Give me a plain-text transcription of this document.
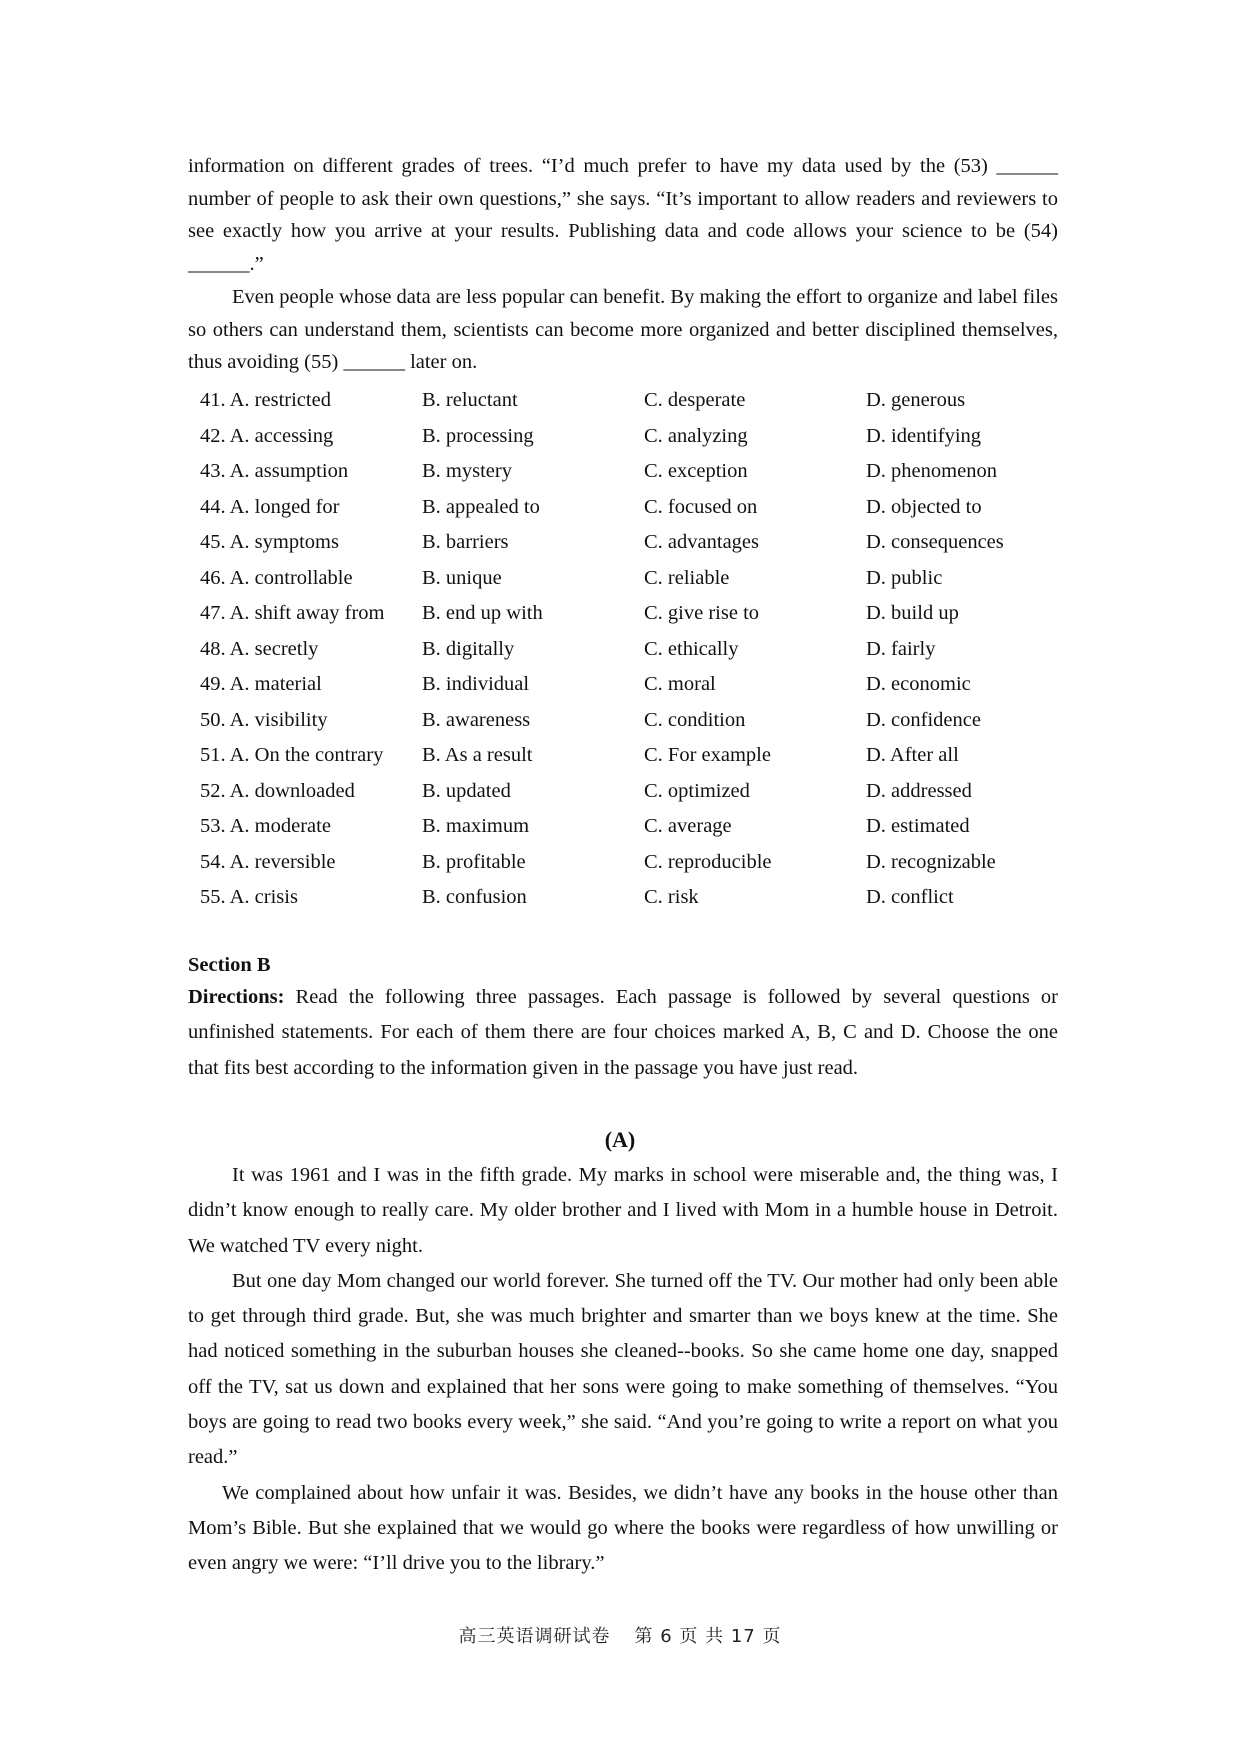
information on different grades of trees. “I’d much prefer to have my data used by the (53) ______ number of people to ask their own questions,” she says. “It’s important to allow readers and reviewers to see exactly how you arrive at your results. Publishing data and code allows your science to be (54) ______.”

Even people whose data are less popular can benefit. By making the effort to organize and label files so others can understand them, scientists can become more organized and better disciplined themselves, thus avoiding (55) ______ later on.

41. A. restricted	B. reluctant	C. desperate	D. generous
42. A. accessing	B. processing	C. analyzing	D. identifying
43. A. assumption	B. mystery	C. exception	D. phenomenon
44. A. longed for	B. appealed to	C. focused on	D. objected to
45. A. symptoms	B. barriers	C. advantages	D. consequences
46. A. controllable	B. unique	C. reliable	D. public
47. A. shift away from B. end up with	C. give rise to	D. build up
48. A. secretly	B. digitally	C. ethically	D. fairly
49. A. material	B. individual	C. moral	D. economic
50. A. visibility	B. awareness	C. condition	D. confidence
51. A. On the contrary B. As a result	C. For example	D. After all
52. A. downloaded	B. updated	C. optimized	D. addressed
53. A. moderate	B. maximum	C. average	D. estimated
54. A. reversible	B. profitable	C. reproducible	D. recognizable
55. A. crisis	B. confusion	C. risk	D. conflict

Section B

Directions: Read the following three passages. Each passage is followed by several questions or unfinished statements. For each of them there are four choices marked A, B, C and D. Choose the one that fits best according to the information given in the passage you have just read.

(A)

It was 1961 and I was in the fifth grade. My marks in school were miserable and, the thing was, I didn’t know enough to really care. My older brother and I lived with Mom in a humble house in Detroit. We watched TV every night.

But one day Mom changed our world forever. She turned off the TV. Our mother had only been able to get through third grade. But, she was much brighter and smarter than we boys knew at the time. She had noticed something in the suburban houses she cleaned--books. So she came home one day, snapped off the TV, sat us down and explained that her sons were going to make something of themselves. “You boys are going to read two books every week,” she said. “And you’re going to write a report on what you read.”

We complained about how unfair it was. Besides, we didn’t have any books in the house other than Mom’s Bible. But she explained that we would go where the books were regardless of how unwilling or even angry we were: “I’ll drive you to the library.”

高三英语调研试卷 第 6 页 共 17 页
